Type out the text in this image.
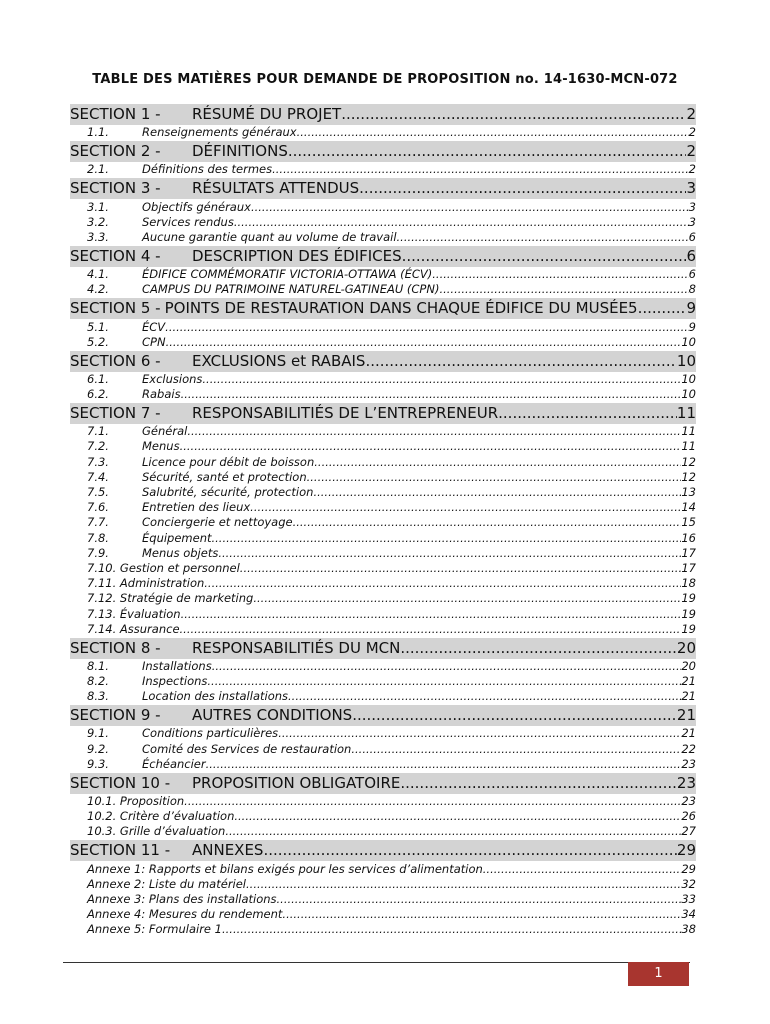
TABLE DES MATIÈRES POUR DEMANDE DE PROPOSITION no. 14-1630-MCN-072
SECTION 1 -	RÉSUMÉ DU PROJET .....	2
1.1.	Renseignements généraux .....	2
SECTION 2 -	DÉFINITIONS .....	2
2.1.	Définitions des termes .....	2
SECTION 3 -	RÉSULTATS ATTENDUS .....	3
3.1.	Objectifs généraux .....	3
3.2.	Services rendus .....	3
3.3.	Aucune garantie quant au volume de travail .....	6
SECTION 4 -	DESCRIPTION DES ÉDIFICES .....	6
4.1.	ÉDIFICE COMMÉMORATIF VICTORIA-OTTAWA (ÉCV) .....	6
4.2.	CAMPUS DU PATRIMOINE NATUREL-GATINEAU (CPN) .....	8
SECTION 5 - POINTS DE RESTAURATION DANS CHAQUE ÉDIFICE DU MUSÉE5 .....	9
5.1.	ÉCV .....	9
5.2.	CPN .....	10
SECTION 6 -	EXCLUSIONS et RABAIS .....	10
6.1.	Exclusions .....	10
6.2.	Rabais .....	10
SECTION 7 -	RESPONSABILITIÉS DE L’ENTREPRENEUR .....	11
7.1.	Général .....	11
7.2.	Menus .....	11
7.3.	Licence pour débit de boisson .....	12
7.4.	Sécurité, santé et protection .....	12
7.5.	Salubrité, sécurité, protection .....	13
7.6.	Entretien des lieux .....	14
7.7.	Conciergerie et nettoyage .....	15
7.8.	Équipement .....	16
7.9.	Menus objets .....	17
7.10. Gestion et personnel .....	17
7.11. Administration .....	18
7.12. Stratégie de marketing .....	19
7.13. Évaluation .....	19
7.14. Assurance .....	19
SECTION 8 -	RESPONSABILITIÉS DU MCN .....	20
8.1.	Installations .....	20
8.2.	Inspections .....	21
8.3.	Location des installations .....	21
SECTION 9 -	AUTRES CONDITIONS .....	21
9.1.	Conditions particulières .....	21
9.2.	Comité des Services de restauration .....	22
9.3.	Échéancier .....	23
SECTION 10 -	PROPOSITION OBLIGATOIRE .....	23
10.1. Proposition .....	23
10.2. Critère d’évaluation .....	26
10.3. Grille d’évaluation .....	27
SECTION 11 -	ANNEXES .....	29
Annexe 1: Rapports et bilans exigés pour les services d’alimentation .....	29
Annexe 2: Liste du matériel .....	32
Annexe 3: Plans des installations .....	33
Annexe 4: Mesures du rendement .....	34
Annexe 5: Formulaire 1 .....	38
1
